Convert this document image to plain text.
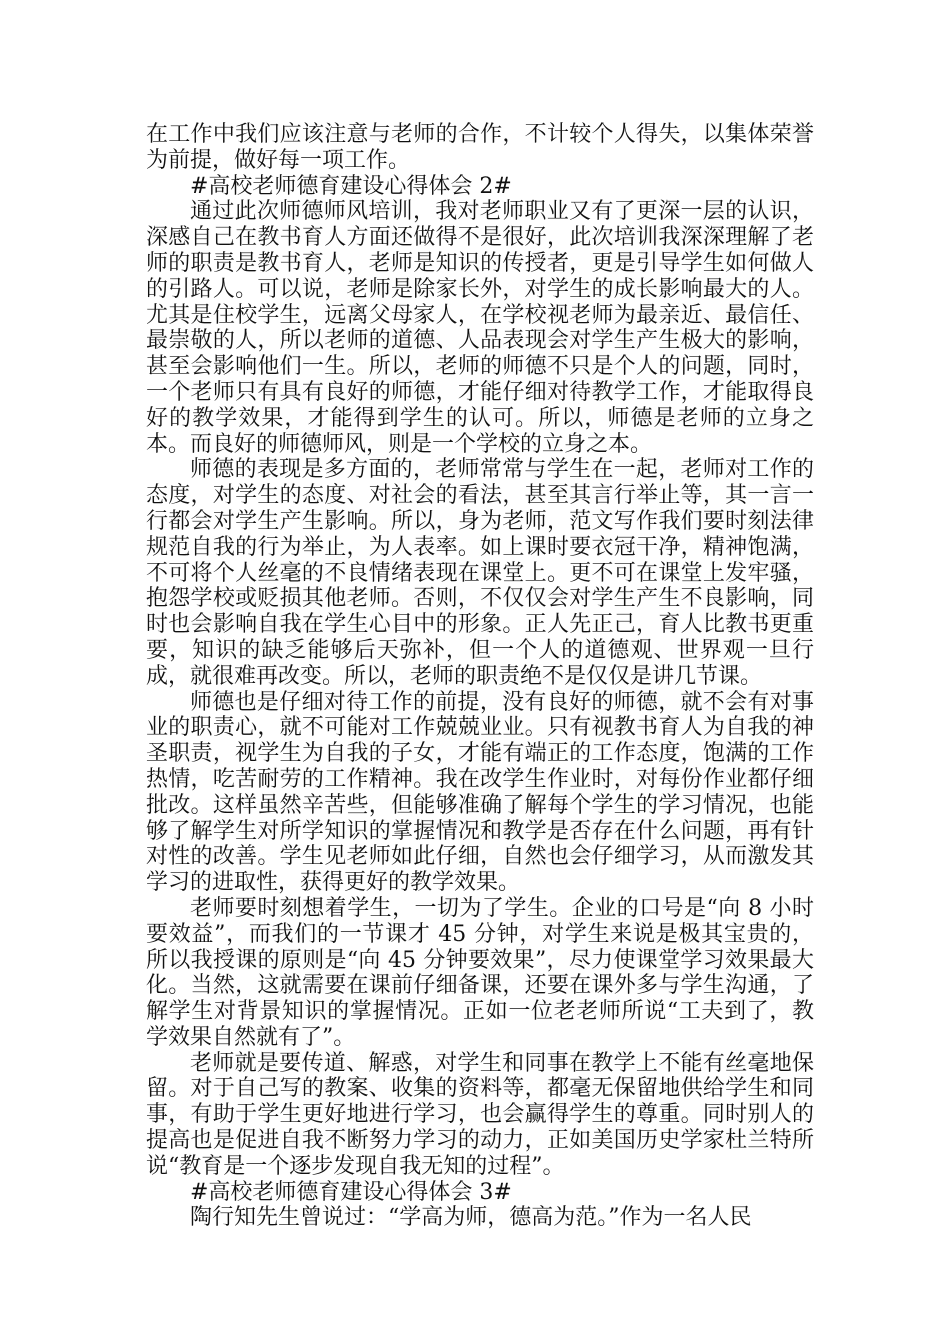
在工作中我们应该注意与老师的合作，不计较个人得失，以集体荣誉为前提，做好每一项工作。

#高校老师德育建设心得体会 2#

通过此次师德师风培训，我对老师职业又有了更深一层的认识，深感自己在教书育人方面还做得不是很好，此次培训我深深理解了老师的职责是教书育人，老师是知识的传授者，更是引导学生如何做人的引路人。可以说，老师是除家长外，对学生的成长影响最大的人。尤其是住校学生，远离父母家人，在学校视老师为最亲近、最信任、最崇敬的人，所以老师的道德、人品表现会对学生产生极大的影响，甚至会影响他们一生。所以，老师的师德不只是个人的问题，同时，一个老师只有具有良好的师德，才能仔细对待教学工作，才能取得良好的教学效果，才能得到学生的认可。所以，师德是老师的立身之本。而良好的师德师风，则是一个学校的立身之本。

师德的表现是多方面的，老师常常与学生在一起，老师对工作的态度，对学生的态度、对社会的看法，甚至其言行举止等，其一言一行都会对学生产生影响。所以，身为老师，范文写作我们要时刻法律规范自我的行为举止，为人表率。如上课时要衣冠干净，精神饱满，不可将个人丝毫的不良情绪表现在课堂上。更不可在课堂上发牢骚，抱怨学校或贬损其他老师。否则，不仅仅会对学生产生不良影响，同时也会影响自我在学生心目中的形象。正人先正己，育人比教书更重要，知识的缺乏能够后天弥补，但一个人的道德观、世界观一旦行成，就很难再改变。所以，老师的职责绝不是仅仅是讲几节课。

师德也是仔细对待工作的前提，没有良好的师德，就不会有对事业的职责心，就不可能对工作兢兢业业。只有视教书育人为自我的神圣职责，视学生为自我的子女，才能有端正的工作态度，饱满的工作热情，吃苦耐劳的工作精神。我在改学生作业时，对每份作业都仔细批改。这样虽然辛苦些，但能够准确了解每个学生的学习情况，也能够了解学生对所学知识的掌握情况和教学是否存在什么问题，再有针对性的改善。学生见老师如此仔细，自然也会仔细学习，从而激发其学习的进取性，获得更好的教学效果。

老师要时刻想着学生，一切为了学生。企业的口号是“向 8 小时要效益”，而我们的一节课才 45 分钟，对学生来说是极其宝贵的，所以我授课的原则是“向 45 分钟要效果”，尽力使课堂学习效果最大化。当然，这就需要在课前仔细备课，还要在课外多与学生沟通，了解学生对背景知识的掌握情况。正如一位老老师所说“工夫到了，教学效果自然就有了”。

老师就是要传道、解惑，对学生和同事在教学上不能有丝毫地保留。对于自己写的教案、收集的资料等，都毫无保留地供给学生和同事，有助于学生更好地进行学习，也会赢得学生的尊重。同时别人的提高也是促进自我不断努力学习的动力，正如美国历史学家杜兰特所说“教育是一个逐步发现自我无知的过程”。

#高校老师德育建设心得体会 3#

陶行知先生曾说过：“学高为师，德高为范。”作为一名人民
